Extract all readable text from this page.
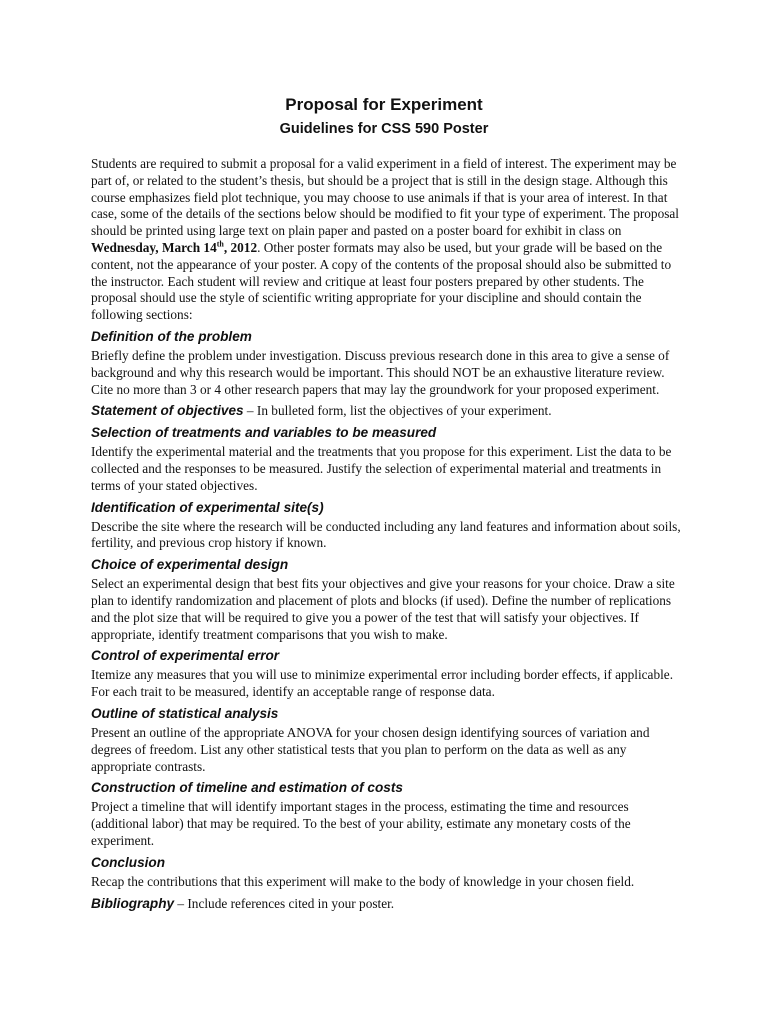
Proposal for Experiment
Guidelines for CSS 590 Poster

Students are required to submit a proposal for a valid experiment in a field of interest. The experiment may be part of, or related to the student’s thesis, but should be a project that is still in the design stage. Although this course emphasizes field plot technique, you may choose to use animals if that is your area of interest. In that case, some of the details of the sections below should be modified to fit your type of experiment. The proposal should be printed using large text on plain paper and pasted on a poster board for exhibit in class on Wednesday, March 14th, 2012. Other poster formats may also be used, but your grade will be based on the content, not the appearance of your poster. A copy of the contents of the proposal should also be submitted to the instructor. Each student will review and critique at least four posters prepared by other students. The proposal should use the style of scientific writing appropriate for your discipline and should contain the following sections:

Definition of the problem

Briefly define the problem under investigation. Discuss previous research done in this area to give a sense of background and why this research would be important. This should NOT be an exhaustive literature review. Cite no more than 3 or 4 other research papers that may lay the groundwork for your proposed experiment.

Statement of objectives – In bulleted form, list the objectives of your experiment.

Selection of treatments and variables to be measured

Identify the experimental material and the treatments that you propose for this experiment. List the data to be collected and the responses to be measured. Justify the selection of experimental material and treatments in terms of your stated objectives.

Identification of experimental site(s)

Describe the site where the research will be conducted including any land features and information about soils, fertility, and previous crop history if known.

Choice of experimental design

Select an experimental design that best fits your objectives and give your reasons for your choice. Draw a site plan to identify randomization and placement of plots and blocks (if used). Define the number of replications and the plot size that will be required to give you a power of the test that will satisfy your objectives. If appropriate, identify treatment comparisons that you wish to make.

Control of experimental error

Itemize any measures that you will use to minimize experimental error including border effects, if applicable. For each trait to be measured, identify an acceptable range of response data.

Outline of statistical analysis

Present an outline of the appropriate ANOVA for your chosen design identifying sources of variation and degrees of freedom. List any other statistical tests that you plan to perform on the data as well as any appropriate contrasts.

Construction of timeline and estimation of costs

Project a timeline that will identify important stages in the process, estimating the time and resources (additional labor) that may be required. To the best of your ability, estimate any monetary costs of the experiment.

Conclusion

Recap the contributions that this experiment will make to the body of knowledge in your chosen field.

Bibliography – Include references cited in your poster.
